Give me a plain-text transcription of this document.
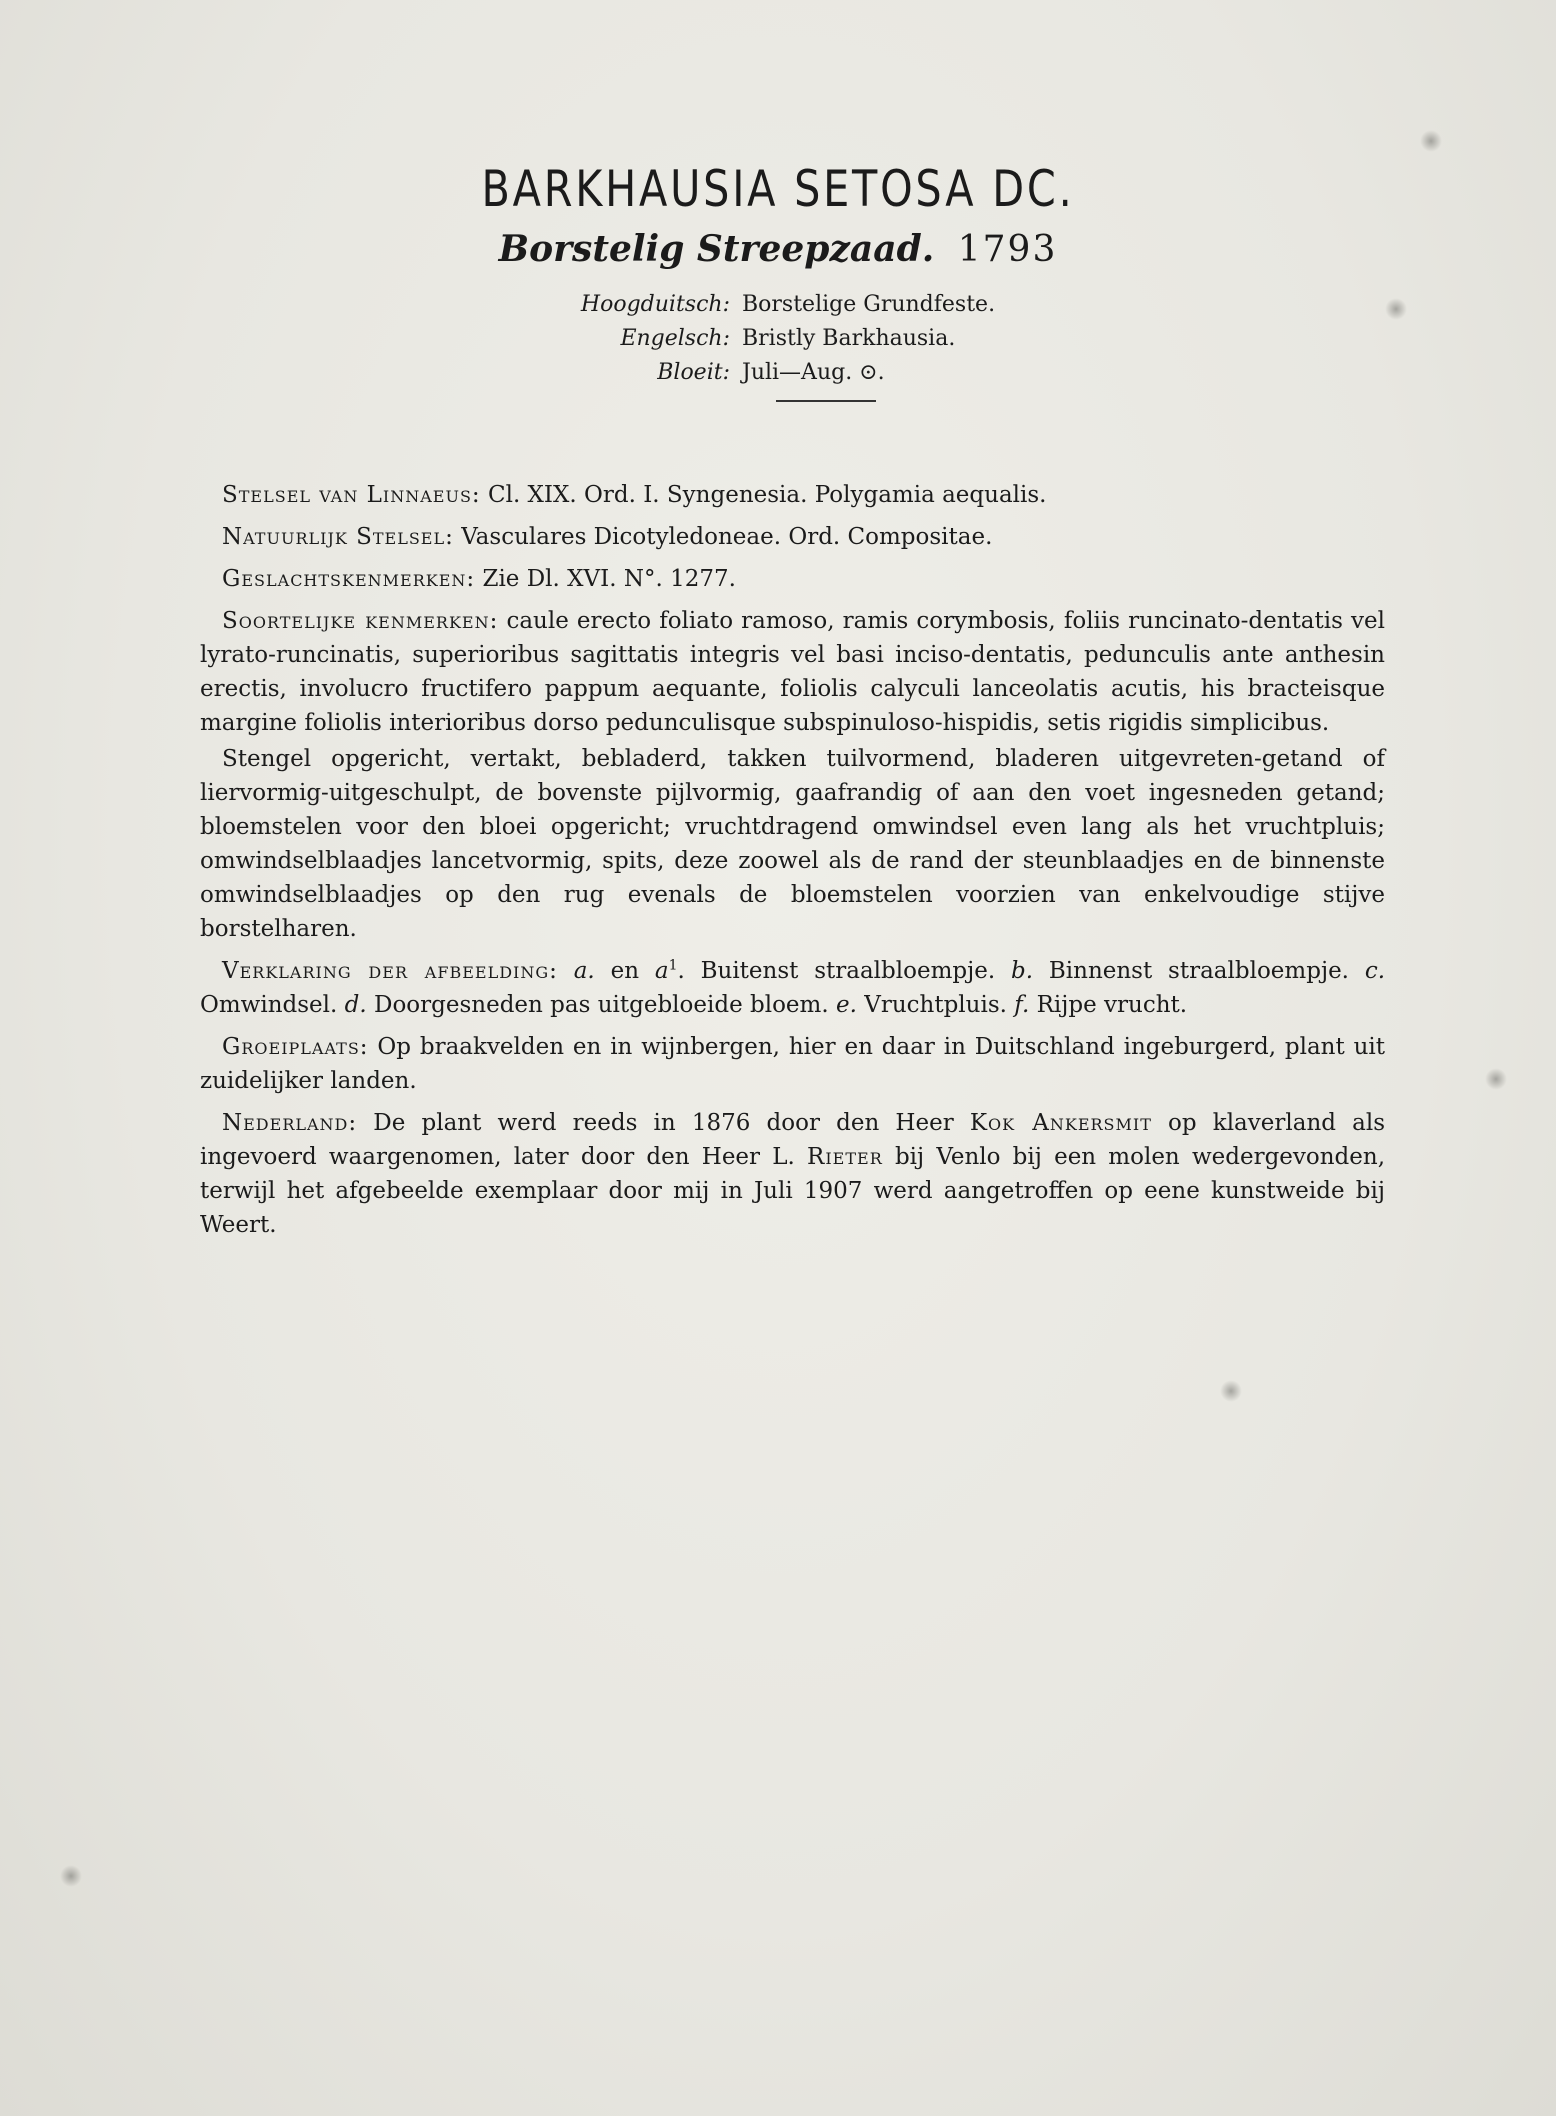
BARKHAUSIA SETOSA DC.
Borstelig Streepzaad. 1793
Hoogduitsch: Borstelige Grundfeste.
Engelsch: Bristly Barkhausia.
Bloeit: Juli—Aug. ⊙.

Stelsel van Linnaeus: Cl. XIX. Ord. I. Syngenesia. Polygamia aequalis.

Natuurlijk Stelsel: Vasculares Dicotyledoneae. Ord. Compositae.

Geslachtskenmerken: Zie Dl. XVI. N°. 1277.

Soortelijke kenmerken: caule erecto foliato ramoso, ramis corymbosis, foliis runcinato-dentatis vel lyrato-runcinatis, superioribus sagittatis integris vel basi inciso-dentatis, pedunculis ante anthesin erectis, involucro fructifero pappum aequante, foliolis calyculi lanceolatis acutis, his bracteisque margine foliolis interioribus dorso pedunculisque subspinuloso-hispidis, setis rigidis simplicibus.

Stengel opgericht, vertakt, bebladerd, takken tuilvormend, bladeren uitgevreten-getand of liervormig-uitgeschulpt, de bovenste pijlvormig, gaafrandig of aan den voet ingesneden getand; bloemstelen voor den bloei opgericht; vruchtdragend omwindsel even lang als het vruchtpluis; omwindselblaadjes lancetvormig, spits, deze zoowel als de rand der steunblaadjes en de binnenste omwindselblaadjes op den rug evenals de bloemstelen voorzien van enkelvoudige stijve borstelharen.

Verklaring der afbeelding: a. en $a^1$. Buitenst straalbloempje. b. Binnenst straalbloempje. c. Omwindsel. d. Doorgesneden pas uitgebloeide bloem. e. Vruchtpluis. f. Rijpe vrucht.

Groeiplaats: Op braakvelden en in wijnbergen, hier en daar in Duitschland ingeburgerd, plant uit zuidelijker landen.

Nederland: De plant werd reeds in 1876 door den Heer Kok Ankersmit op klaverland als ingevoerd waargenomen, later door den Heer L. Rieter bij Venlo bij een molen wedergevonden, terwijl het afgebeelde exemplaar door mij in Juli 1907 werd aangetroffen op eene kunstweide bij Weert.
